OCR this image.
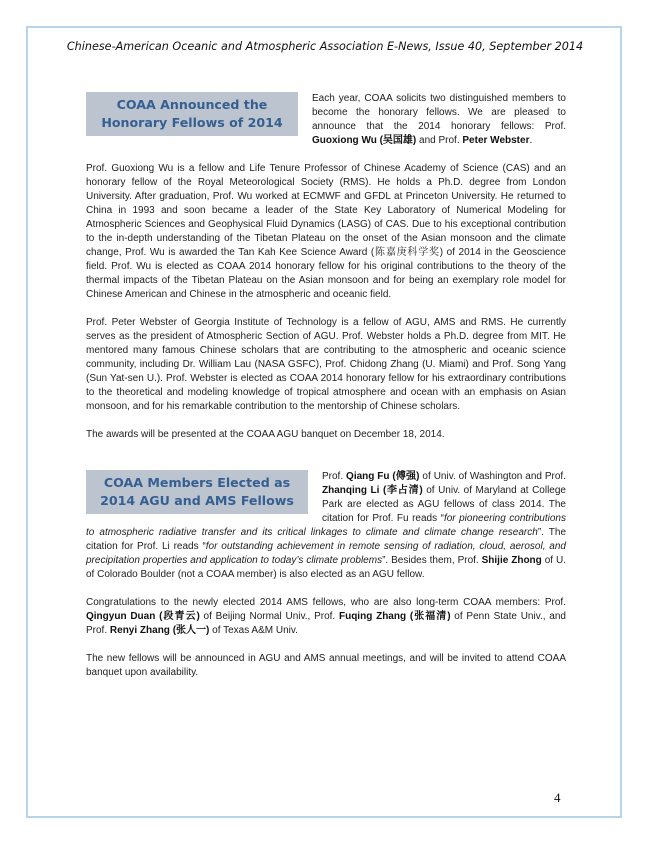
Chinese-American Oceanic and Atmospheric Association E-News, Issue 40, September 2014
COAA Announced the Honorary Fellows of 2014

Each year, COAA solicits two distinguished members to become the honorary fellows. We are pleased to announce that the 2014 honorary fellows: Prof. Guoxiong Wu (吴国雄) and Prof. Peter Webster.

Prof. Guoxiong Wu is a fellow and Life Tenure Professor of Chinese Academy of Science (CAS) and an honorary fellow of the Royal Meteorological Society (RMS). He holds a Ph.D. degree from London University. After graduation, Prof. Wu worked at ECMWF and GFDL at Princeton University. He returned to China in 1993 and soon became a leader of the State Key Laboratory of Numerical Modeling for Atmospheric Sciences and Geophysical Fluid Dynamics (LASG) of CAS. Due to his exceptional contribution to the in-depth understanding of the Tibetan Plateau on the onset of the Asian monsoon and the climate change, Prof. Wu is awarded the Tan Kah Kee Science Award (陈嘉庚科学奖) of 2014 in the Geoscience field. Prof. Wu is elected as COAA 2014 honorary fellow for his original contributions to the theory of the thermal impacts of the Tibetan Plateau on the Asian monsoon and for being an exemplary role model for Chinese American and Chinese in the atmospheric and oceanic field.

Prof. Peter Webster of Georgia Institute of Technology is a fellow of AGU, AMS and RMS. He currently serves as the president of Atmospheric Section of AGU. Prof. Webster holds a Ph.D. degree from MIT. He mentored many famous Chinese scholars that are contributing to the atmospheric and oceanic science community, including Dr. William Lau (NASA GSFC), Prof. Chidong Zhang (U. Miami) and Prof. Song Yang (Sun Yat-sen U.). Prof. Webster is elected as COAA 2014 honorary fellow for his extraordinary contributions to the theoretical and modeling knowledge of tropical atmosphere and ocean with an emphasis on Asian monsoon, and for his remarkable contribution to the mentorship of Chinese scholars.

The awards will be presented at the COAA AGU banquet on December 18, 2014.

COAA Members Elected as 2014 AGU and AMS Fellows

Prof. Qiang Fu (傅强) of Univ. of Washington and Prof. Zhanqing Li (李占清) of Univ. of Maryland at College Park are elected as AGU fellows of class 2014. The citation for Prof. Fu reads “for pioneering contributions to atmospheric radiative transfer and its critical linkages to climate and climate change research”. The citation for Prof. Li reads “for outstanding achievement in remote sensing of radiation, cloud, aerosol, and precipitation properties and application to today’s climate problems”. Besides them, Prof. Shijie Zhong of U. of Colorado Boulder (not a COAA member) is also elected as an AGU fellow.

Congratulations to the newly elected 2014 AMS fellows, who are also long-term COAA members: Prof. Qingyun Duan (段青云) of Beijing Normal Univ., Prof. Fuqing Zhang (张福清) of Penn State Univ., and Prof. Renyi Zhang (张人一) of Texas A&M Univ.

The new fellows will be announced in AGU and AMS annual meetings, and will be invited to attend COAA banquet upon availability.

4
